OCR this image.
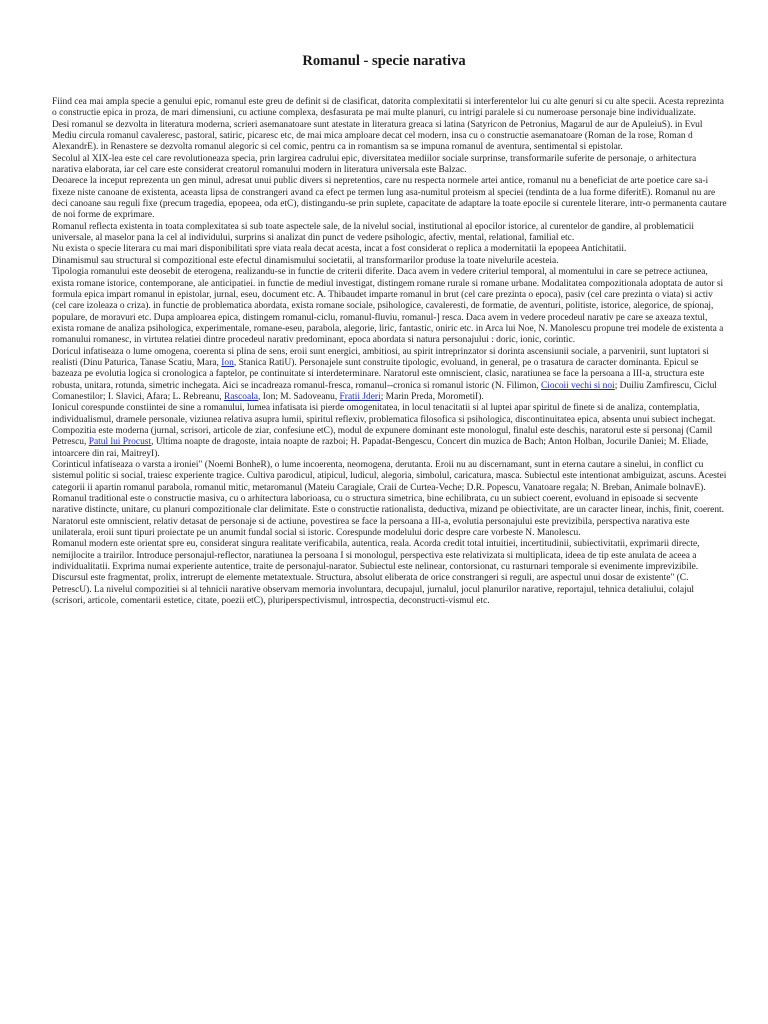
Romanul - specie narativa

Fiind cea mai ampla specie a genului epic, romanul este greu de definit si de clasificat, datorita complexitatii si interferentelor lui cu alte genuri si cu alte specii. Acesta reprezinta o constructie epica in proza, de mari dimensiuni, cu actiune complexa, desfasurata pe mai multe planuri, cu intrigi paralele si cu numeroase personaje bine individualizate.

Desi romanul se dezvolta in literatura moderna, scrieri asemanatoare sunt atestate in literatura greaca si latina (Satyricon de Petronius, Magarul de aur de ApuleiuS). in Evul Mediu circula romanul cavaleresc, pastoral, satiric, picaresc etc, de mai mica amploare decat cel modern, insa cu o constructie asemanatoare (Roman de la rose, Roman d AlexandrE). in Renastere se dezvolta romanul alegoric si cel comic, pentru ca in romantism sa se impuna romanul de aventura, sentimental si epistolar.

Secolul al XIX-lea este cel care revolutioneaza specia, prin largirea cadrului epic, diversitatea mediilor sociale surprinse, transformarile suferite de personaje, o arhitectura narativa elaborata, iar cel care este considerat creatorul romanului modern in literatura universala este Balzac.

Deoarece la inceput reprezenta un gen minul, adresat unui public divers si nepretentios, care nu respecta normele artei antice, romanul nu a beneficiat de arte poetice care sa-i fixeze niste canoane de existenta, aceasta lipsa de constrangeri avand ca efect pe termen lung asa-numitul proteism al speciei (tendinta de a lua forme diferitE). Romanul nu are deci canoane sau reguli fixe (precum tragedia, epopeea, oda etC), distingandu-se prin suplete, capacitate de adaptare la toate epocile si curentele literare, intr-o permanenta cautare de noi forme de exprimare.

Romanul reflecta existenta in toata complexitatea si sub toate aspectele sale, de la nivelul social, institutional al epocilor istorice, al curentelor de gandire, al problematicii universale, al maselor pana la cel al individului, surprins si analizat din punct de vedere psihologic, afectiv, mental, relational, familial etc.

Nu exista o specie literara cu mai mari disponibilitati spre viata reala decat acesta, incat a fost considerat o replica a modernitatii la epopeea Antichitatii.

Dinamismul sau structural si compozitional este efectul dinamismului societatii, al transformarilor produse la toate nivelurile acesteia.

Tipologia romanului este deosebit de eterogena, realizandu-se in functie de criterii diferite. Daca avem in vedere criteriul temporal, al momentului in care se petrece actiunea, exista romane istorice, contemporane, ale anticipatiei. in functie de mediul investigat, distingem romane rurale si romane urbane. Modalitatea compozitionala adoptata de autor si formula epica impart romanul in epistolar, jurnal, eseu, document etc. A. Thibaudet imparte romanul in brut (cel care prezinta o epoca), pasiv (cel care prezinta o viata) si activ (cel care izoleaza o criza). in functie de problematica abordata, exista romane sociale, psihologice, cavaleresti, de formatie, de aventuri, politiste, istorice, alegorice, de spionaj, populare, de moravuri etc. Dupa amploarea epica, distingem romanul-ciclu, romanul-fluviu, romanul-] resca. Daca avem in vedere procedeul narativ pe care se axeaza textul, exista romane de analiza psihologica, experimentale, romane-eseu, parabola, alegorie, liric, fantastic, oniric etc. in Arca lui Noe, N. Manolescu propune trei modele de existenta a romanului romanesc, in virtutea relatiei dintre procedeul narativ predominant, epoca abordata si natura personajului : doric, ionic, corintic.

Doricul infatiseaza o lume omogena, coerenta si plina de sens, eroii sunt energici, ambitiosi, au spirit intreprinzator si dorinta ascensiunii sociale, a parvenirii, sunt luptatori si realisti (Dinu Paturica, Tanase Scatiu, Mara, Ion, Stanica RatiU). Personajele sunt construite tipologic, evoluand, in general, pe o trasatura de caracter dominanta. Epicul se bazeaza pe evolutia logica si cronologica a faptelor, pe continuitate si interdeterminare. Naratorul este omniscient, clasic, naratiunea se face la persoana a III-a, structura este robusta, unitara, rotunda, simetric inchegata. Aici se incadreaza romanul-fresca, romanul--cronica si romanul istoric (N. Filimon, Ciocoii vechi si noi; Duiliu Zamfirescu, Ciclul Comanestilor; I. Slavici, Afara; L. Rebreanu, Rascoala, Ion; M. Sadoveanu, Fratii Jderi; Marin Preda, MorometiI).

Ionicul corespunde constiintei de sine a romanului, lumea infatisata isi pierde omogenitatea, in locul tenacitatii si al luptei apar spiritul de finete si de analiza, contemplatia, individualismul, dramele personale, viziunea relativa asupra lumii, spiritul reflexiv, problematica filosofica si psihologica, discontinuitatea epica, absenta unui subiect inchegat. Compozitia este moderna (jurnal, scrisori, articole de ziar, confesiune etC), modul de expunere dominant este monologul, finalul este deschis, naratorul este si personaj (Camil Petrescu, Patul lui Procust, Ultima noapte de dragoste, intaia noapte de razboi; H. Papadat-Bengescu, Concert din muzica de Bach; Anton Holban, Jocurile Daniei; M. Eliade, intoarcere din rai, MaitreyI).

Corinticul infatiseaza o varsta a ironiei" (Noemi BonheR), o lume incoerenta, neomogena, derutanta. Eroii nu au discernamant, sunt in eterna cautare a sinelui, in conflict cu sistemul politic si social, traiesc experiente tragice. Cultiva parodicul, atipicul, ludicul, alegoria, simbolul, caricatura, masca. Subiectul este intentionat ambiguizat, ascuns. Acestei categorii ii apartin romanul parabola, romanul mitic, metaromanul (Mateiu Caragiale, Craii de Curtea-Veche; D.R. Popescu, Vanatoare regala; N. Breban, Animale bolnavE).

Romanul traditional este o constructie masiva, cu o arhitectura laborioasa, cu o structura simetrica, bine echilibrata, cu un subiect coerent, evoluand in episoade si secvente narative distincte, unitare, cu planuri compozitionale clar delimitate. Este o constructie rationalista, deductiva, mizand pe obiectivitate, are un caracter linear, inchis, finit, coerent. Naratorul este omniscient, relativ detasat de personaje si de actiune, povestirea se face la persoana a III-a, evolutia personajului este previzibila, perspectiva narativa este unilaterala, eroii sunt tipuri proiectate pe un anumit fundal social si istoric. Corespunde modelului doric despre care vorbeste N. Manolescu.

Romanul modern este orientat spre eu, considerat singura realitate verificabila, autentica, reala. Acorda credit total intuitiei, incertitudinii, subiectivitatii, exprimarii directe, nemijlocite a trairilor. Introduce personajul-reflector, naratiunea la persoana I si monologul, perspectiva este relativizata si multiplicata, ideea de tip este anulata de aceea a individualitatii. Exprima numai experiente autentice, traite de personajul-narator. Subiectul este nelinear, contorsionat, cu rasturnari temporale si evenimente imprevizibile. Discursul este fragmentat, prolix, intrerupt de elemente metatextuale. Structura, absolut eliberata de orice constrangeri si reguli, are aspectul unui dosar de existente" (C. PetrescU). La nivelul compozitiei si al tehnicii narative observam memoria involuntara, decupajul, jurnalul, jocul planurilor narative, reportajul, tehnica detaliului, colajul (scrisori, articole, comentarii estetice, citate, poezii etC), pluriperspectivismul, introspectia, deconstructi-vismul etc.
